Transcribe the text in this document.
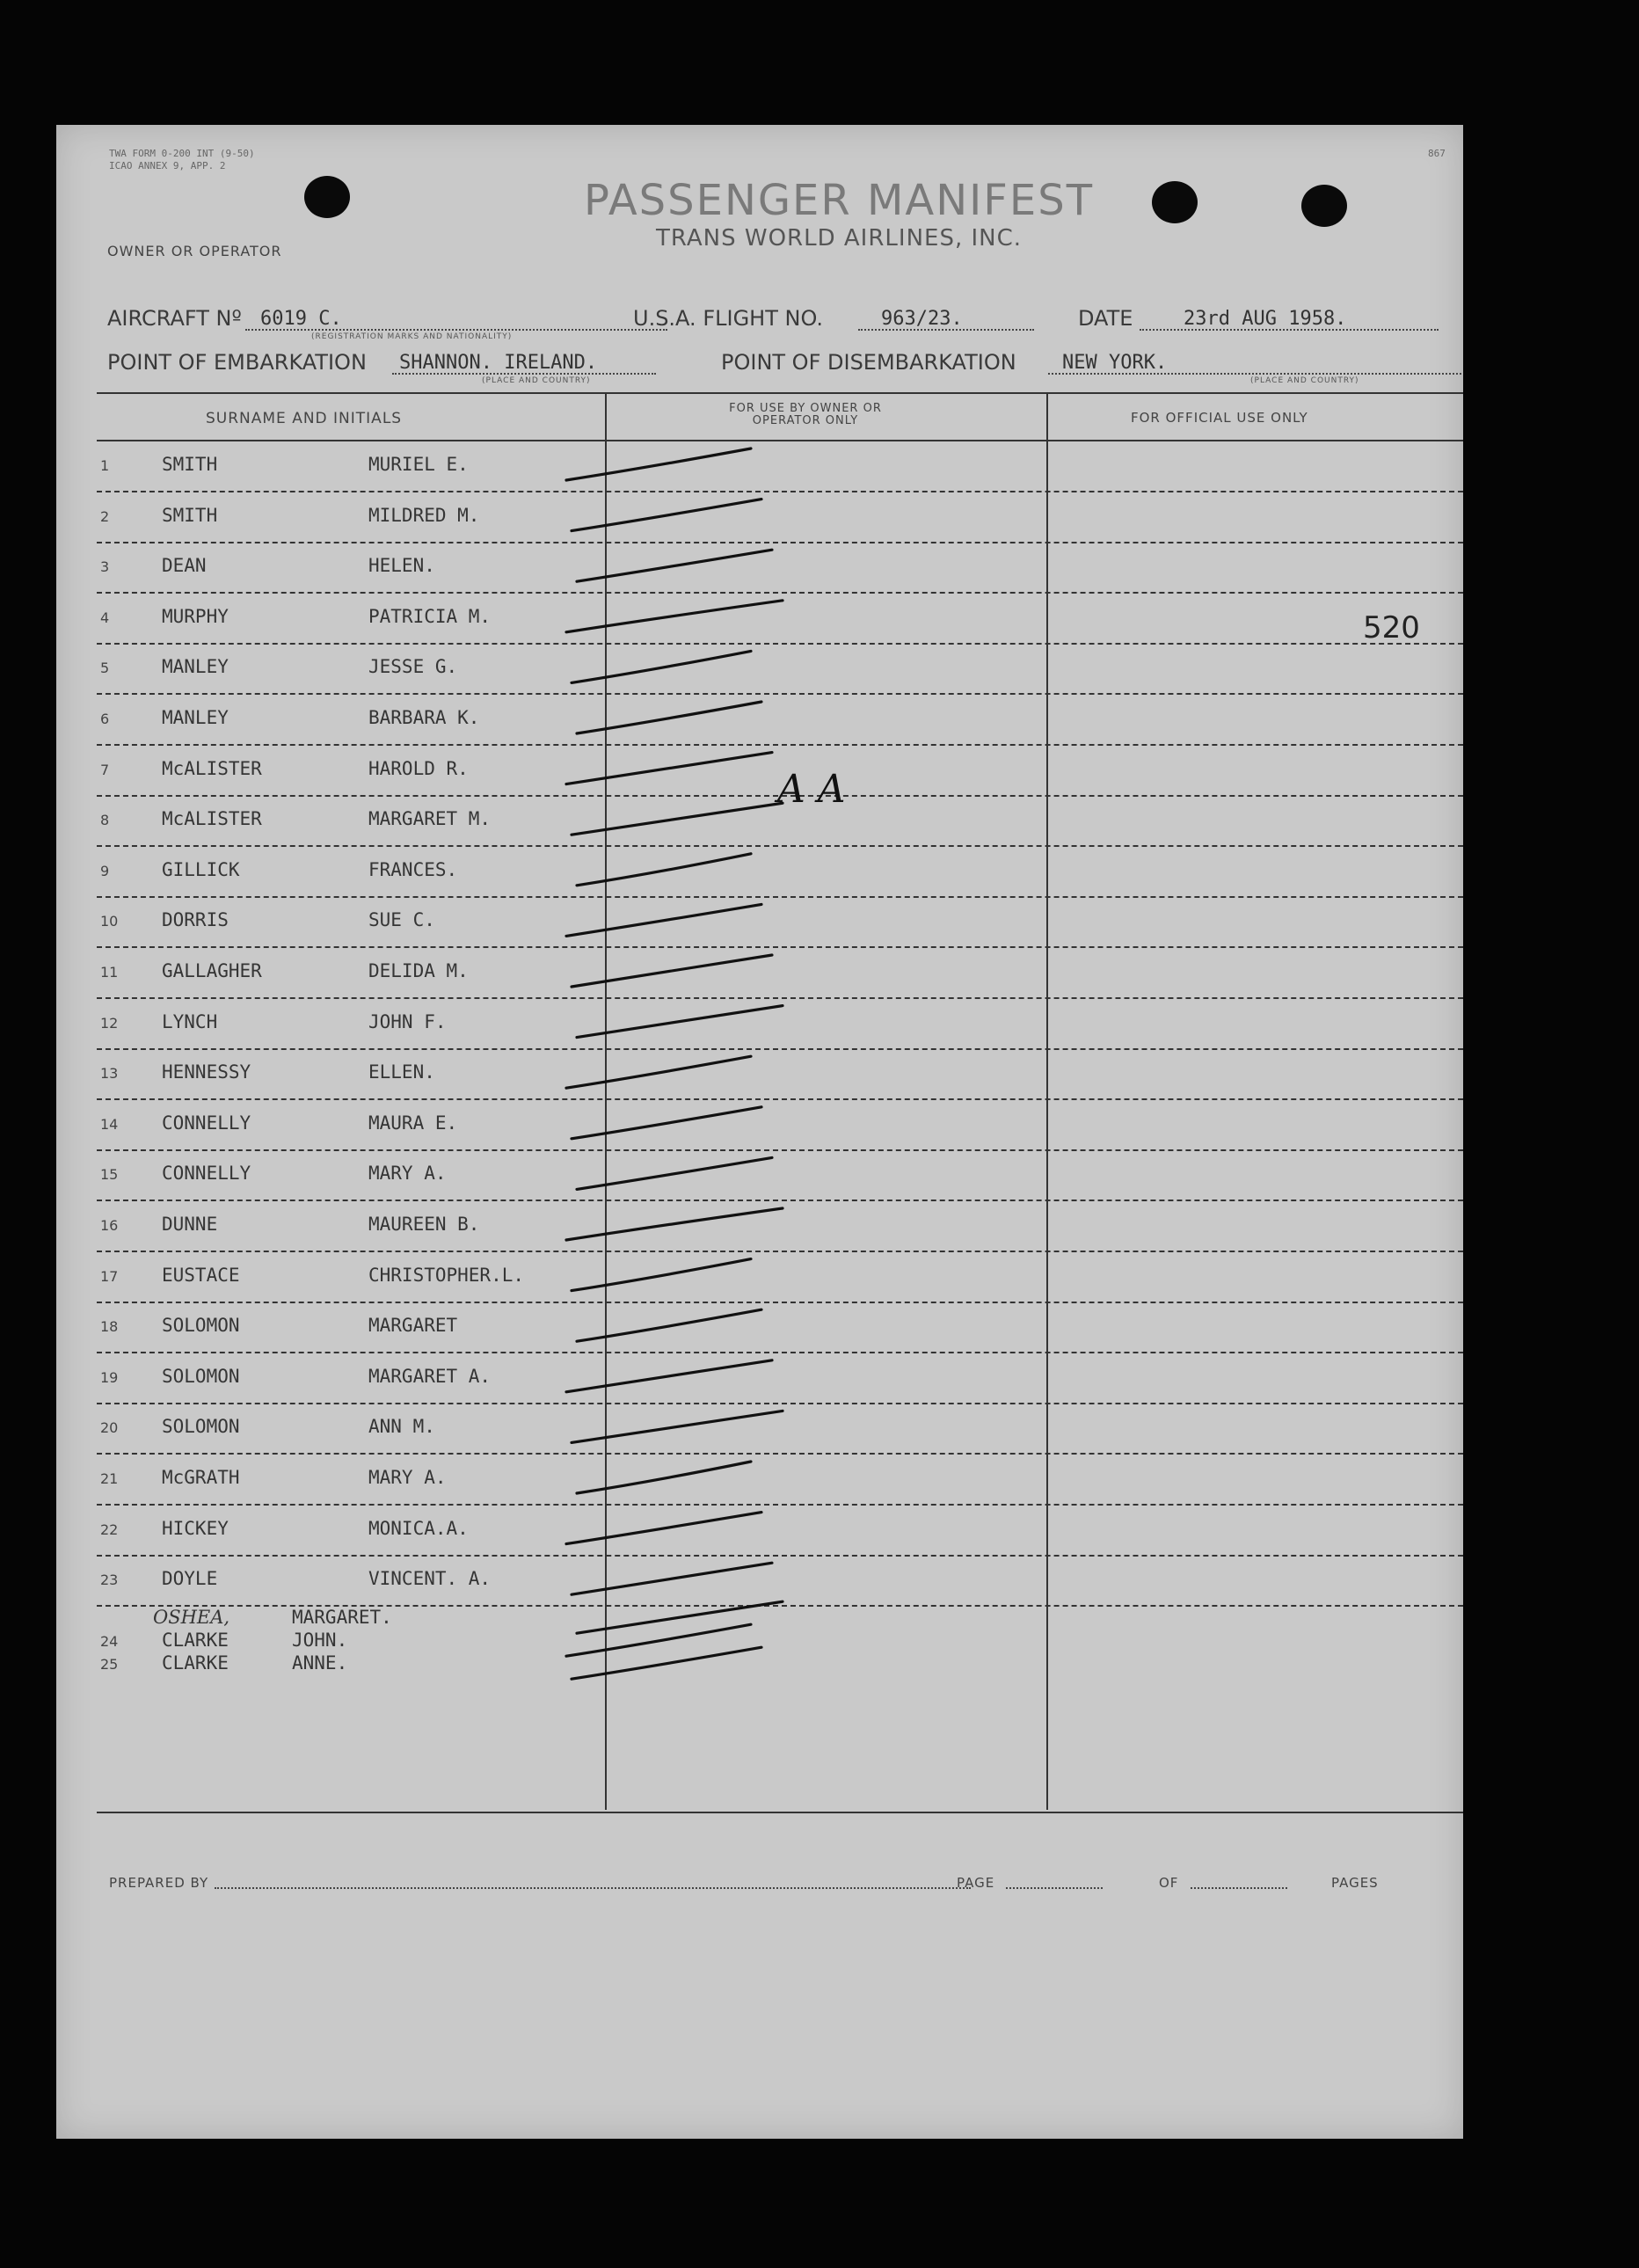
TWA FORM 0-200 INT (9-50)
ICAO ANNEX 9, APP. 2
867
PASSENGER MANIFEST
TRANS WORLD AIRLINES, INC.
OWNER OR OPERATOR
AIRCRAFT Nº 6019 C.
(REGISTRATION MARKS AND NATIONALITY)
U.S.A. FLIGHT NO.	963/23.	DATE	23rd AUG 1958.
POINT OF EMBARKATION SHANNON. IRELAND.
(PLACE AND COUNTRY)
POINT OF DISEMBARKATION NEW YORK.
(PLACE AND COUNTRY)
SURNAME AND INITIALS
FOR USE BY OWNER OR OPERATOR ONLY	FOR OFFICIAL USE ONLY
520
1	SMITH	MURIEL E.
2	SMITH	MILDRED M.
3	DEAN	HELEN.
4	MURPHY	PATRICIA M.
5	MANLEY	JESSE G.
6	MANLEY	BARBARA K.
7	McALISTER	HAROLD R.
8	McALISTER	MARGARET M.
9	GILLICK	FRANCES.
10	DORRIS	SUE C.
11	GALLAGHER	DELIDA M.
12	LYNCH	JOHN F.
13	HENNESSY	ELLEN.
14	CONNELLY	MAURA E.
15	CONNELLY	MARY A.
16	DUNNE	MAUREEN B.
17	EUSTACE	CHRISTOPHER.L.
18	SOLOMON	MARGARET
19	SOLOMON	MARGARET A.
20	SOLOMON	ANN M.
21	McGRATH	MARY A.
22	HICKEY	MONICA.A.
23	DOYLE	VINCENT. A.
OSHEA,	MARGARET.
24	CLARKE	JOHN.
25	CLARKE	ANNE.
A A
PREPARED BY	PAGE	OF	PAGES
